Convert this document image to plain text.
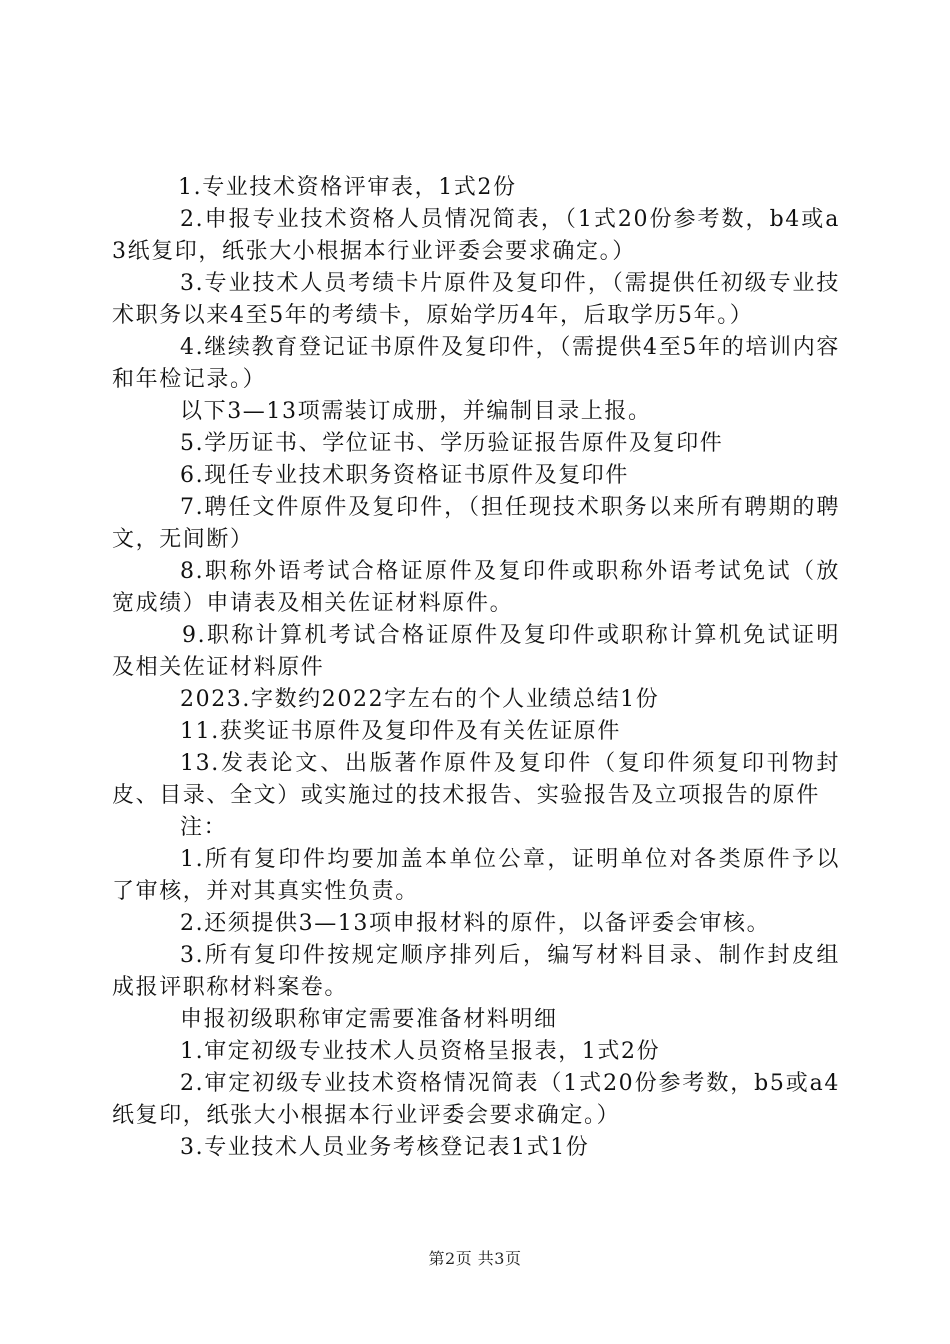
1.专业技术资格评审表，1式2份

2.申报专业技术资格人员情况简表，（1式20份参考数，b4或a3纸复印，纸张大小根据本行业评委会要求确定。）

3.专业技术人员考绩卡片原件及复印件，（需提供任初级专业技术职务以来4至5年的考绩卡，原始学历4年，后取学历5年。）

4.继续教育登记证书原件及复印件，（需提供4至5年的培训内容和年检记录。）

以下3—13项需装订成册，并编制目录上报。

5.学历证书、学位证书、学历验证报告原件及复印件

6.现任专业技术职务资格证书原件及复印件

7.聘任文件原件及复印件，（担任现技术职务以来所有聘期的聘文，无间断）

8.职称外语考试合格证原件及复印件或职称外语考试免试（放宽成绩）申请表及相关佐证材料原件。

9.职称计算机考试合格证原件及复印件或职称计算机免试证明及相关佐证材料原件

2023.字数约2022字左右的个人业绩总结1份

11.获奖证书原件及复印件及有关佐证原件

13.发表论文、出版著作原件及复印件（复印件须复印刊物封皮、目录、全文）或实施过的技术报告、实验报告及立项报告的原件

注：

1.所有复印件均要加盖本单位公章，证明单位对各类原件予以了审核，并对其真实性负责。

2.还须提供3—13项申报材料的原件，以备评委会审核。

3.所有复印件按规定顺序排列后，编写材料目录、制作封皮组成报评职称材料案卷。

申报初级职称审定需要准备材料明细

1.审定初级专业技术人员资格呈报表，1式2份

2.审定初级专业技术资格情况简表（1式20份参考数，b5或a4纸复印，纸张大小根据本行业评委会要求确定。）

3.专业技术人员业务考核登记表1式1份

第2页 共3页
